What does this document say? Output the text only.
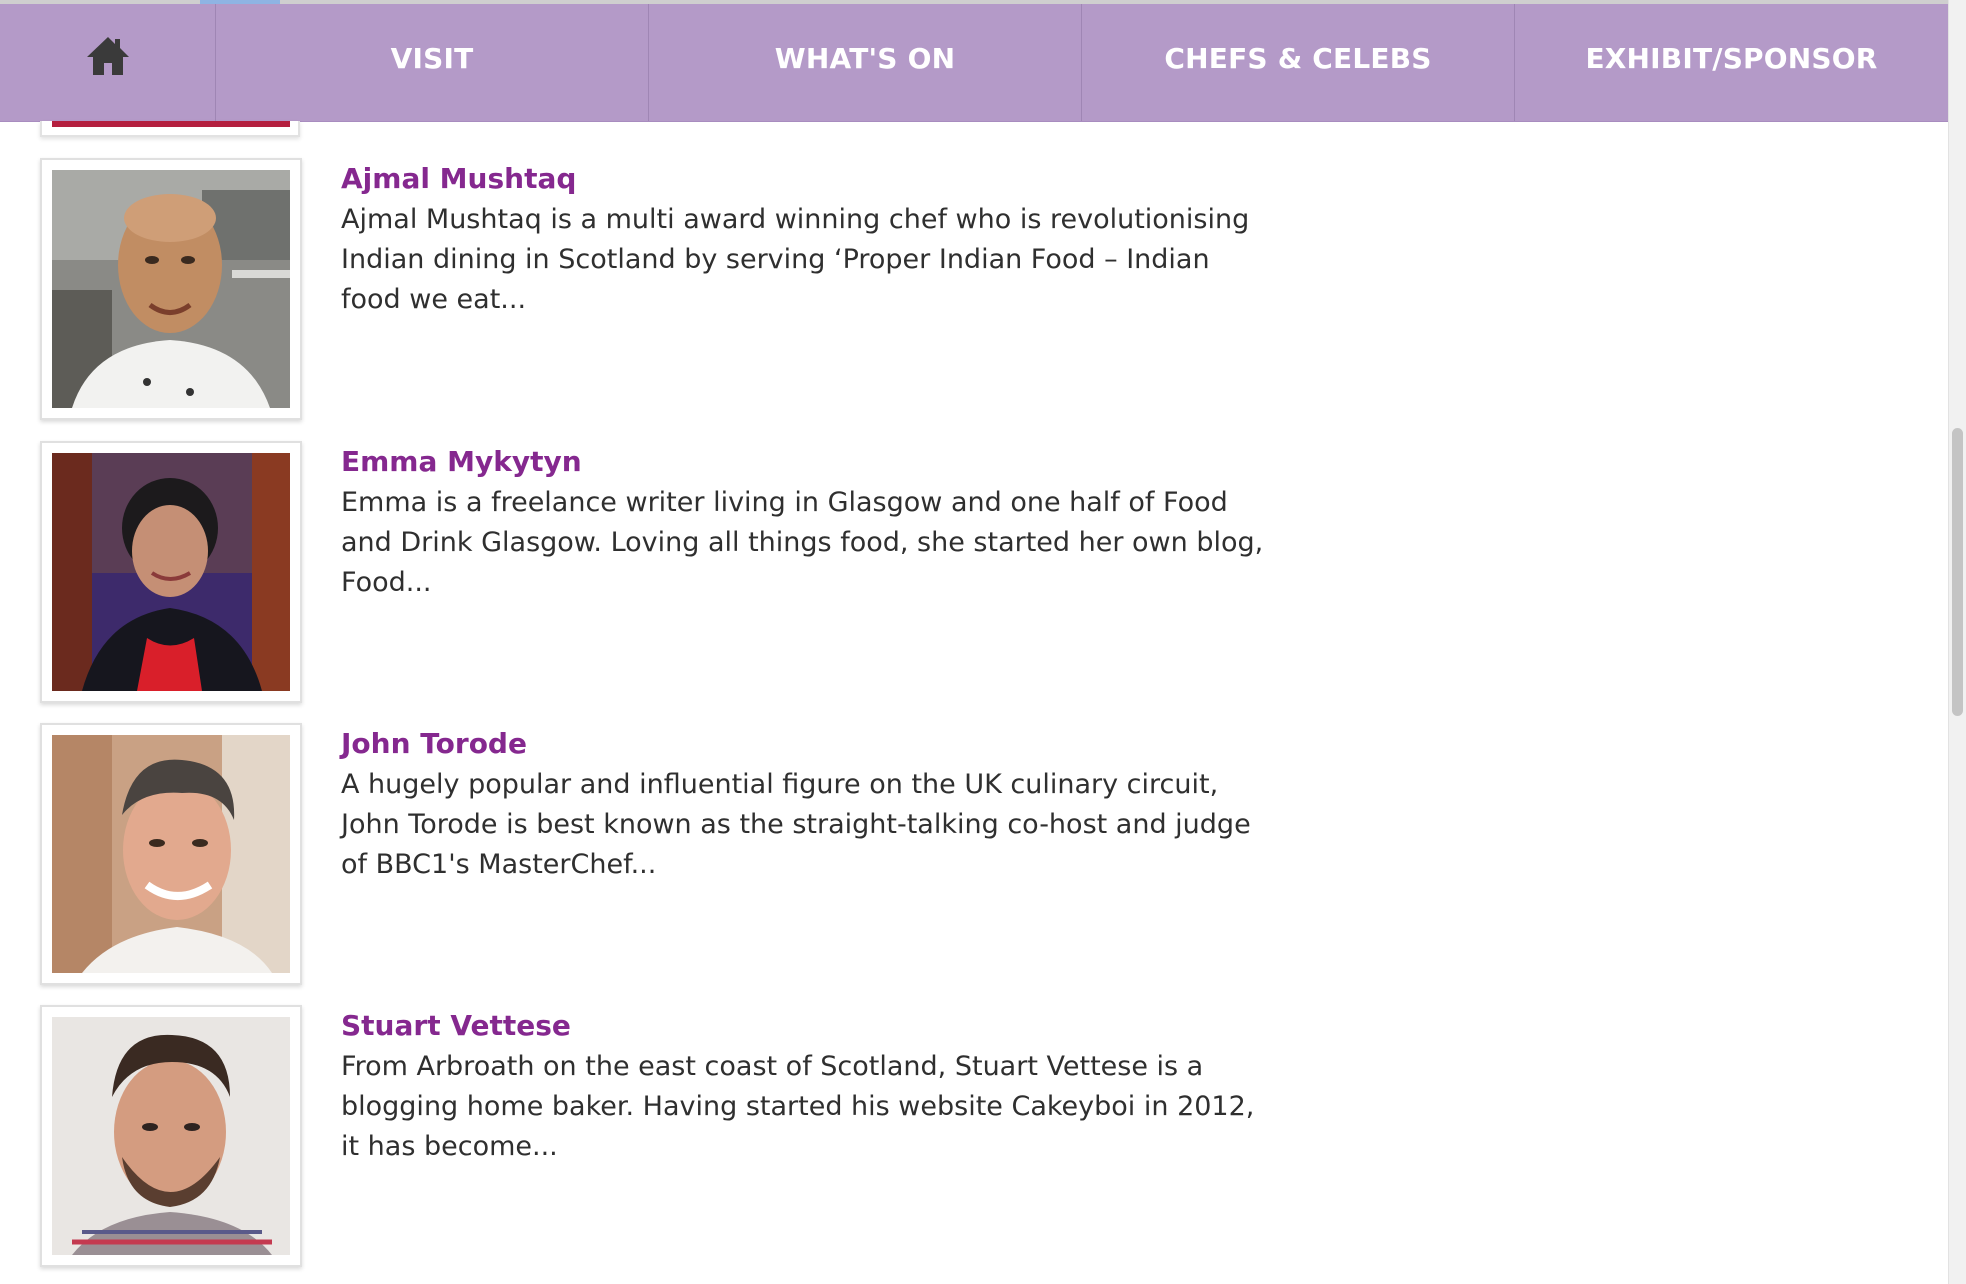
VISIT	WHAT'S ON	CHEFS & CELEBS	EXHIBIT/SPONSOR
Ajmal Mushtaq
Ajmal Mushtaq is a multi award winning chef who is revolutionising Indian dining in Scotland by serving ‘Proper Indian Food – Indian food we eat...
Emma Mykytyn
Emma is a freelance writer living in Glasgow and one half of Food and Drink Glasgow. Loving all things food, she started her own blog, Food...
John Torode
A hugely popular and influential figure on the UK culinary circuit, John Torode is best known as the straight-talking co-host and judge of BBC1's MasterChef...
Stuart Vettese
From Arbroath on the east coast of Scotland, Stuart Vettese is a blogging home baker. Having started his website Cakeyboi in 2012, it has become...
